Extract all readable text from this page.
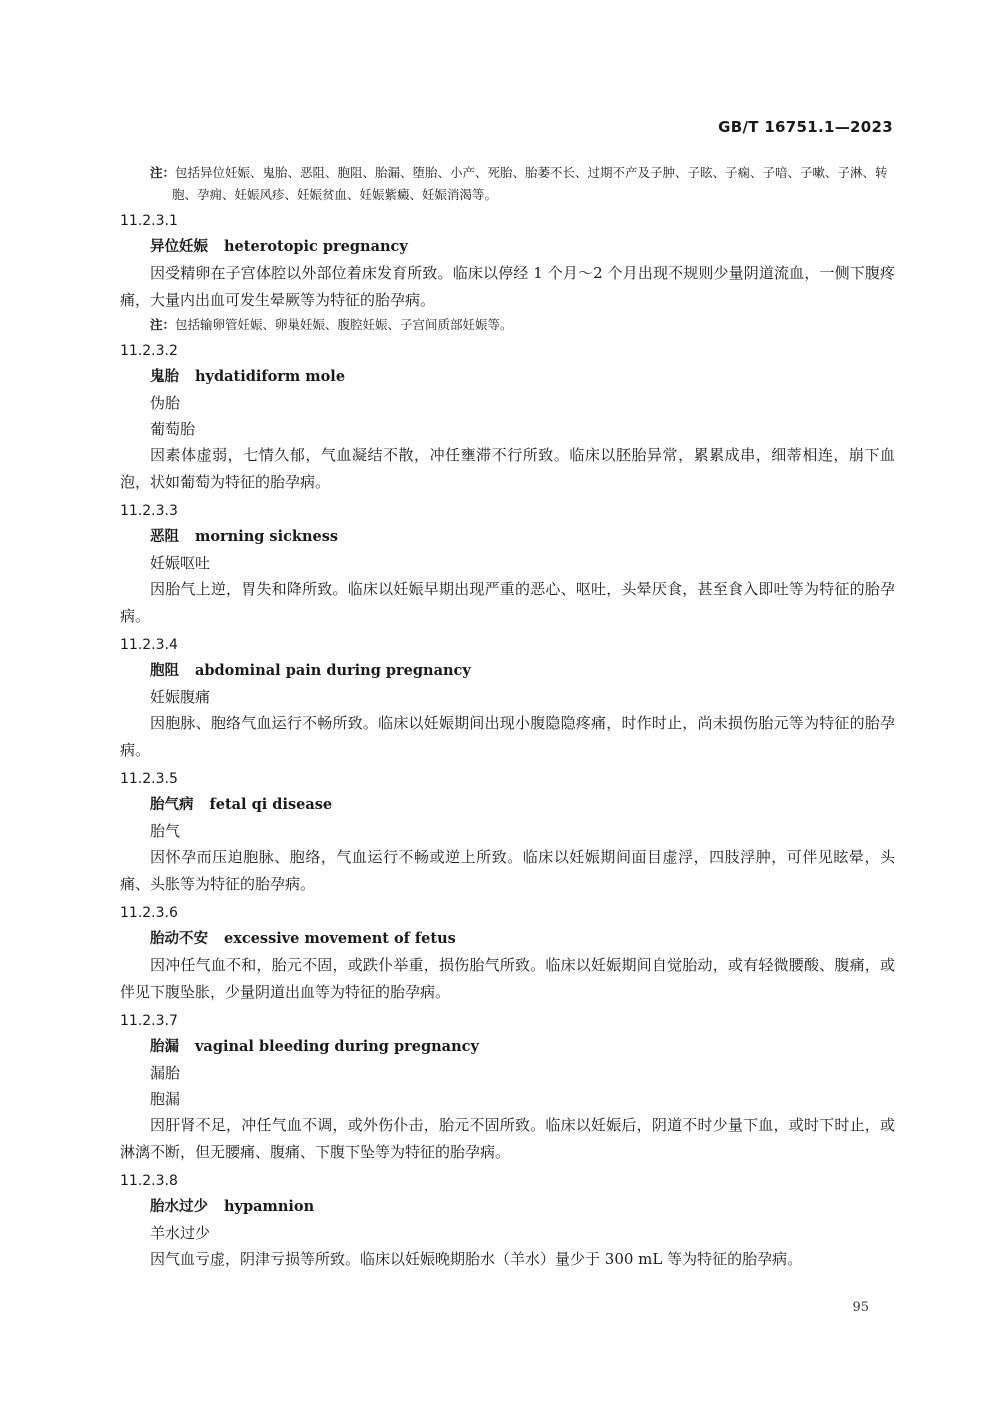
GB/T 16751.1—2023
注：包括异位妊娠、鬼胎、恶阻、胞阻、胎漏、堕胎、小产、死胎、胎萎不长、过期不产及子肿、子眩、子痫、子喑、子嗽、子淋、转胞、孕痈、妊娠风疹、妊娠贫血、妊娠紫癜、妊娠消渴等。
11.2.3.1
异位妊娠 heterotopic pregnancy
因受精卵在子宫体腔以外部位着床发育所致。临床以停经 1 个月～2 个月出现不规则少量阴道流血，一侧下腹疼痛，大量内出血可发生晕厥等为特征的胎孕病。
注：包括输卵管妊娠、卵巢妊娠、腹腔妊娠、子宫间质部妊娠等。
11.2.3.2
鬼胎 hydatidiform mole
伪胎
葡萄胎
因素体虚弱，七情久郁，气血凝结不散，冲任壅滞不行所致。临床以胚胎异常，累累成串，细蒂相连，崩下血泡，状如葡萄为特征的胎孕病。
11.2.3.3
恶阻 morning sickness
妊娠呕吐
因胎气上逆，胃失和降所致。临床以妊娠早期出现严重的恶心、呕吐，头晕厌食，甚至食入即吐等为特征的胎孕病。
11.2.3.4
胞阻 abdominal pain during pregnancy
妊娠腹痛
因胞脉、胞络气血运行不畅所致。临床以妊娠期间出现小腹隐隐疼痛，时作时止，尚未损伤胎元等为特征的胎孕病。
11.2.3.5
胎气病 fetal qi disease
胎气
因怀孕而压迫胞脉、胞络，气血运行不畅或逆上所致。临床以妊娠期间面目虚浮，四肢浮肿，可伴见眩晕，头痛、头胀等为特征的胎孕病。
11.2.3.6
胎动不安 excessive movement of fetus
因冲任气血不和，胎元不固，或跌仆举重，损伤胎气所致。临床以妊娠期间自觉胎动，或有轻微腰酸、腹痛，或伴见下腹坠胀，少量阴道出血等为特征的胎孕病。
11.2.3.7
胎漏 vaginal bleeding during pregnancy
漏胎
胞漏
因肝肾不足，冲任气血不调，或外伤仆击，胎元不固所致。临床以妊娠后，阴道不时少量下血，或时下时止，或淋漓不断，但无腰痛、腹痛、下腹下坠等为特征的胎孕病。
11.2.3.8
胎水过少 hypamnion
羊水过少
因气血亏虚，阴津亏损等所致。临床以妊娠晚期胎水（羊水）量少于 300 mL 等为特征的胎孕病。
95
